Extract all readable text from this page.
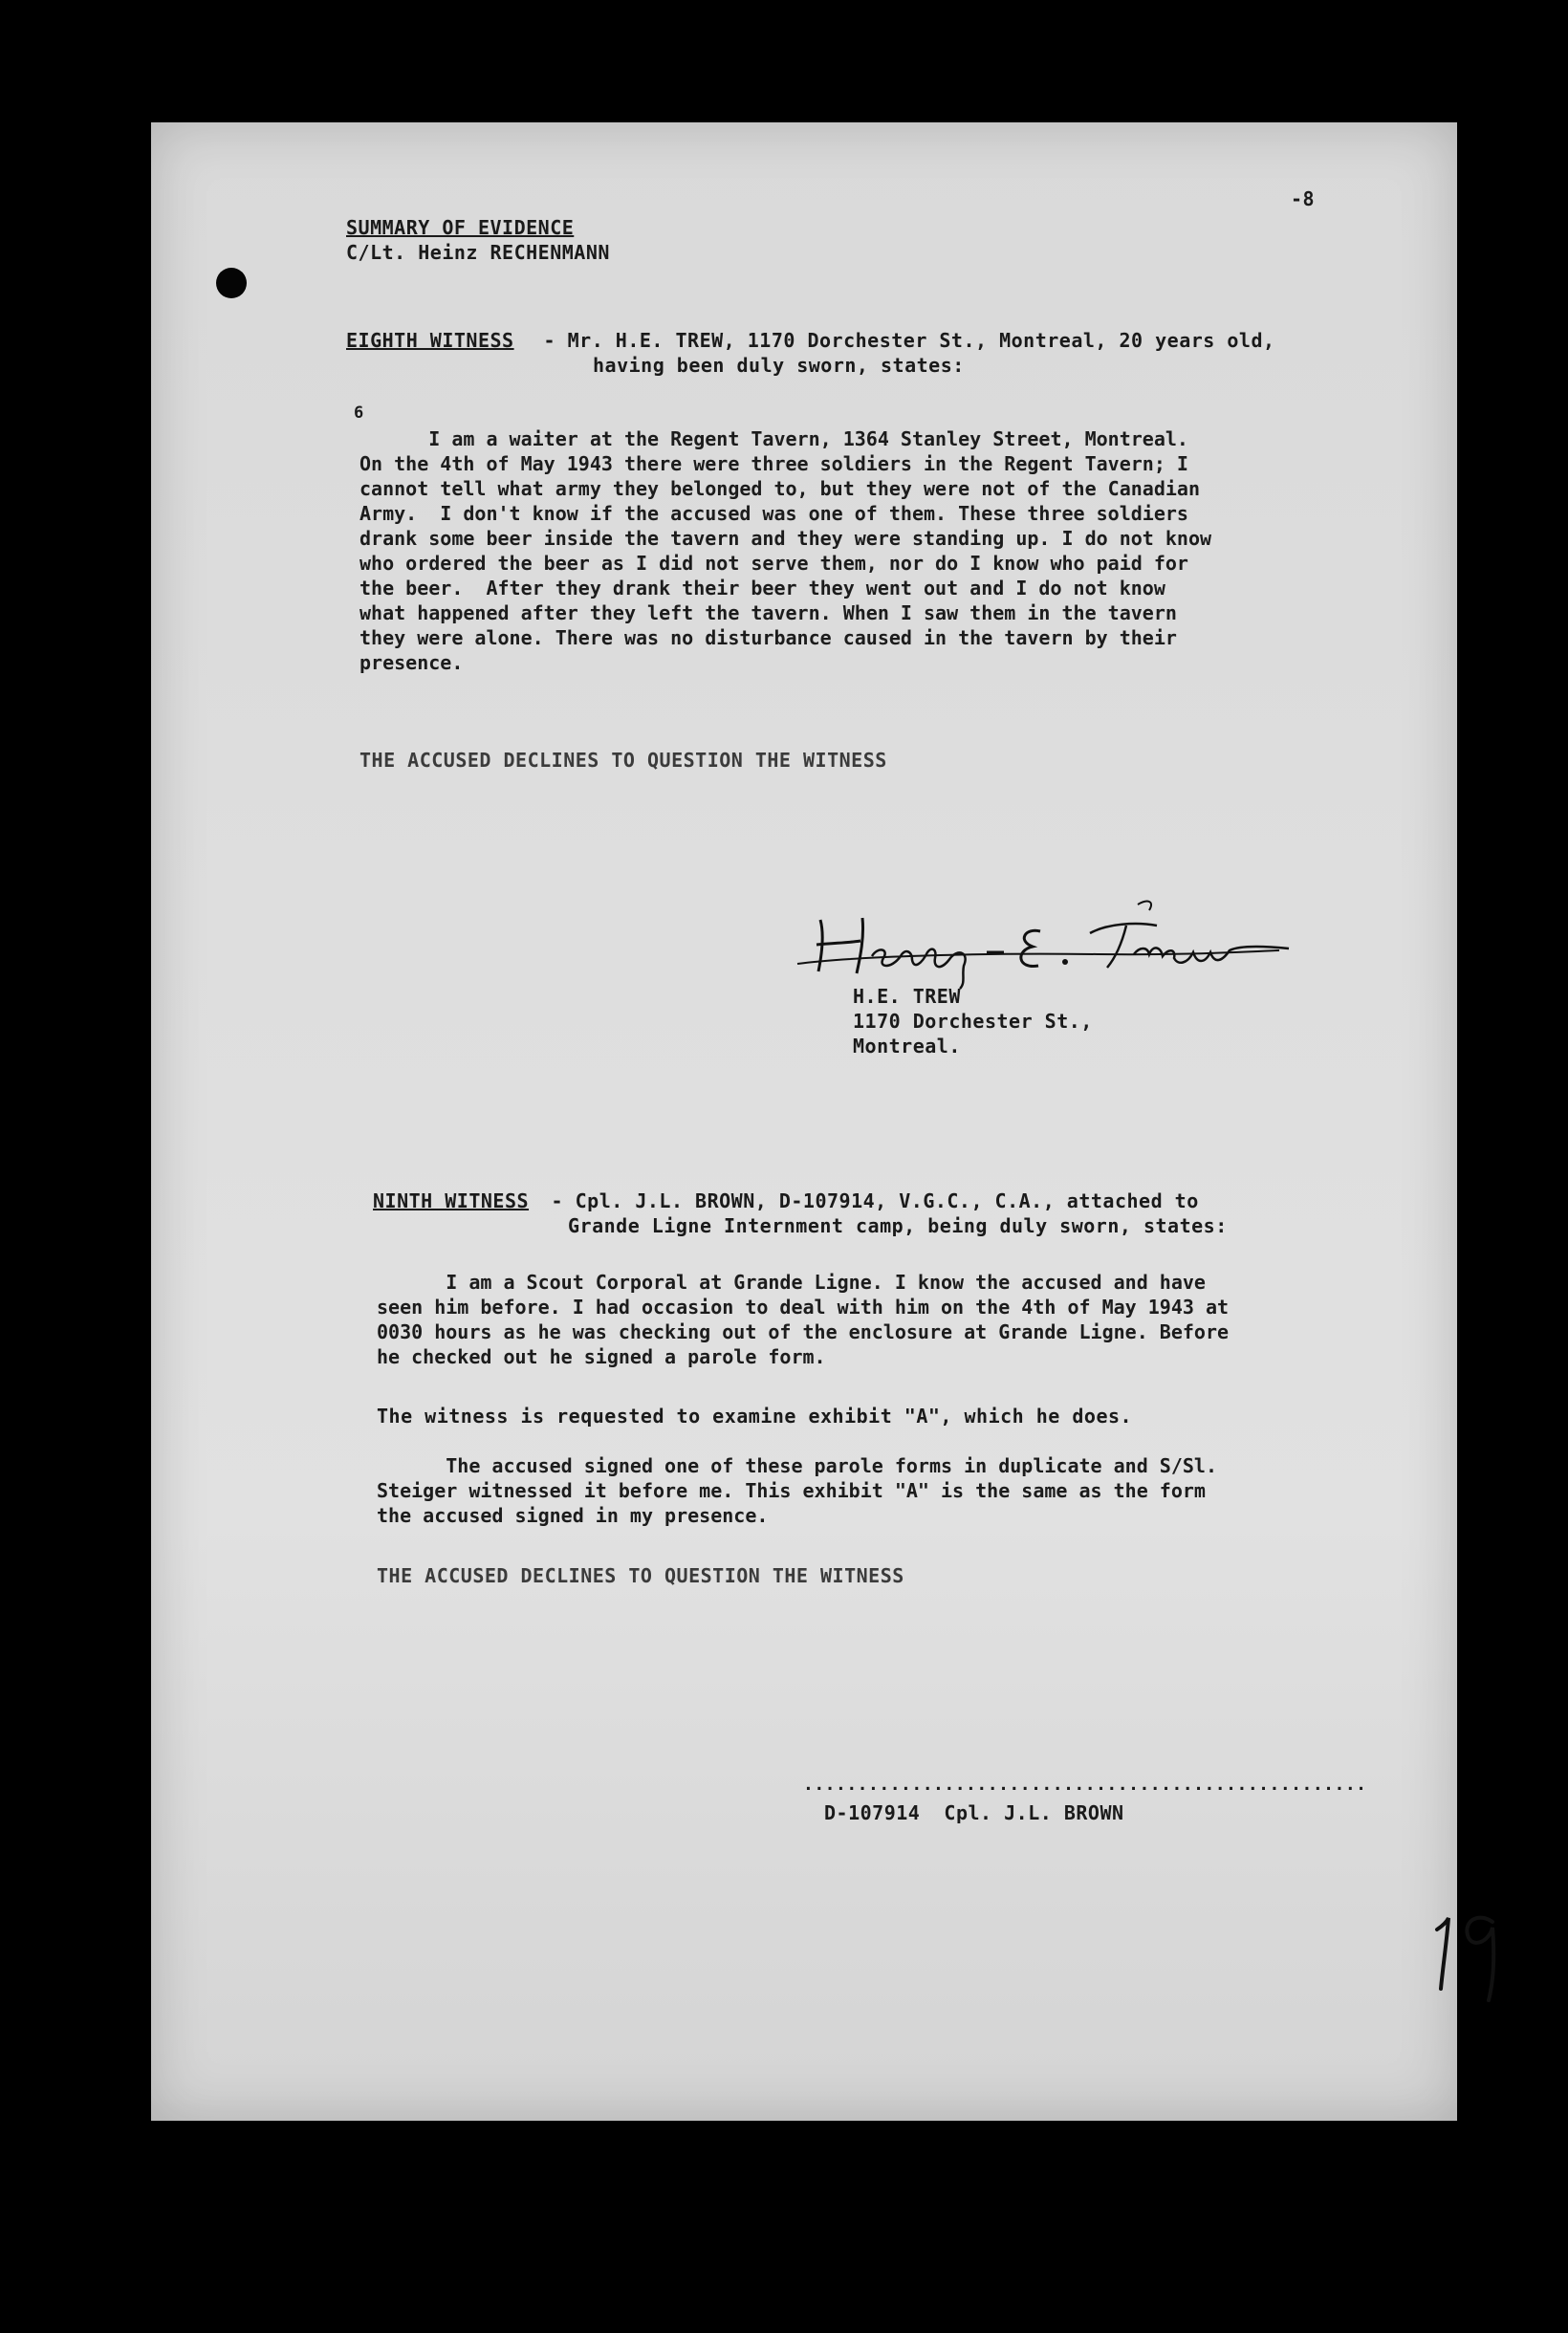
-8
SUMMARY OF EVIDENCE
C/Lt. Heinz RECHENMANN
EIGHTH WITNESS - Mr. H.E. TREW, 1170 Dorchester St., Montreal, 20 years old,
having been duly sworn, states:
6
I am a waiter at the Regent Tavern, 1364 Stanley Street, Montreal.
On the 4th of May 1943 there were three soldiers in the Regent Tavern; I
cannot tell what army they belonged to, but they were not of the Canadian
Army.  I don't know if the accused was one of them. These three soldiers
drank some beer inside the tavern and they were standing up. I do not know
who ordered the beer as I did not serve them, nor do I know who paid for
the beer.  After they drank their beer they went out and I do not know
what happened after they left the tavern. When I saw them in the tavern
they were alone. There was no disturbance caused in the tavern by their
presence.
THE ACCUSED DECLINES TO QUESTION THE WITNESS
H.E. TREW
1170 Dorchester St.,
Montreal.
NINTH WITNESS - Cpl. J.L. BROWN, D-107914, V.G.C., C.A., attached to
Grande Ligne Internment camp, being duly sworn, states:
I am a Scout Corporal at Grande Ligne. I know the accused and have
seen him before. I had occasion to deal with him on the 4th of May 1943 at
0030 hours as he was checking out of the enclosure at Grande Ligne. Before
he checked out he signed a parole form.
The witness is requested to examine exhibit "A", which he does.
The accused signed one of these parole forms in duplicate and S/Sl.
Steiger witnessed it before me. This exhibit "A" is the same as the form
the accused signed in my presence.
THE ACCUSED DECLINES TO QUESTION THE WITNESS
....................................................
D-107914  Cpl. J.L. BROWN
